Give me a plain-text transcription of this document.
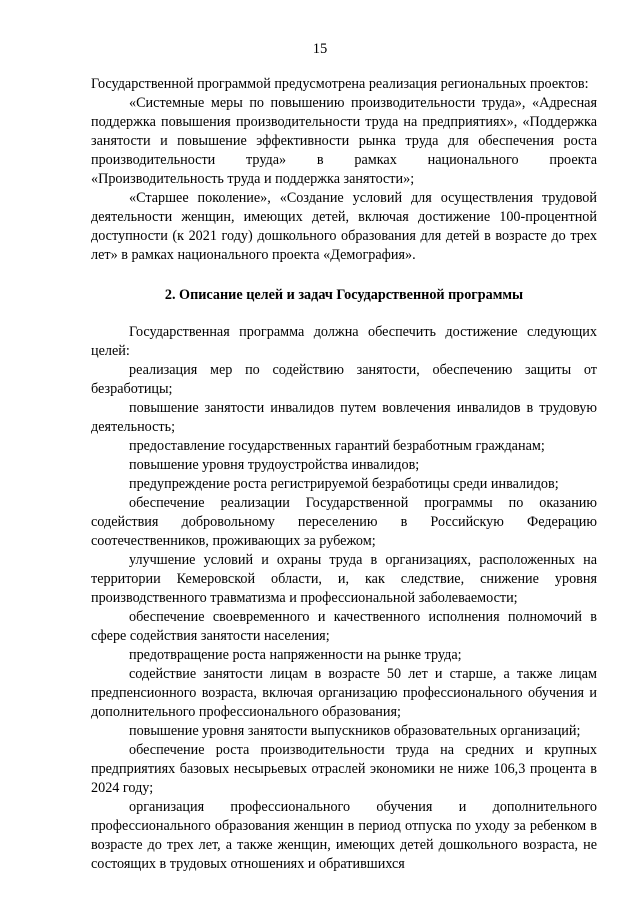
15

Государственной программой предусмотрена реализация региональных проектов:

«Системные меры по повышению производительности труда», «Адресная поддержка повышения производительности труда на предприятиях», «Поддержка занятости и повышение эффективности рынка труда для обеспечения роста производительности труда» в рамках национального проекта «Производительность труда и поддержка занятости»;

«Старшее поколение», «Создание условий для осуществления трудовой деятельности женщин, имеющих детей, включая достижение 100-процентной доступности (к 2021 году) дошкольного образования для детей в возрасте до трех лет» в рамках национального проекта «Демография».

2. Описание целей и задач Государственной программы

Государственная программа должна обеспечить достижение следующих целей:

реализация мер по содействию занятости, обеспечению защиты от безработицы;

повышение занятости инвалидов путем вовлечения инвалидов в трудовую деятельность;

предоставление государственных гарантий безработным гражданам;

повышение уровня трудоустройства инвалидов;

предупреждение роста регистрируемой безработицы среди инвалидов;

обеспечение реализации Государственной программы по оказанию содействия добровольному переселению в Российскую Федерацию соотечественников, проживающих за рубежом;

улучшение условий и охраны труда в организациях, расположенных на территории Кемеровской области, и, как следствие, снижение уровня производственного травматизма и профессиональной заболеваемости;

обеспечение своевременного и качественного исполнения полномочий в сфере содействия занятости населения;

предотвращение роста напряженности на рынке труда;

содействие занятости лицам в возрасте 50 лет и старше, а также лицам предпенсионного возраста, включая организацию профессионального обучения и дополнительного профессионального образования;

повышение уровня занятости выпускников образовательных организаций;

обеспечение роста производительности труда на средних и крупных предприятиях базовых несырьевых отраслей экономики не ниже 106,3 процента в 2024 году;

организация профессионального обучения и дополнительного профессионального образования женщин в период отпуска по уходу за ребенком в возрасте до трех лет, а также женщин, имеющих детей дошкольного возраста, не состоящих в трудовых отношениях и обратившихся
